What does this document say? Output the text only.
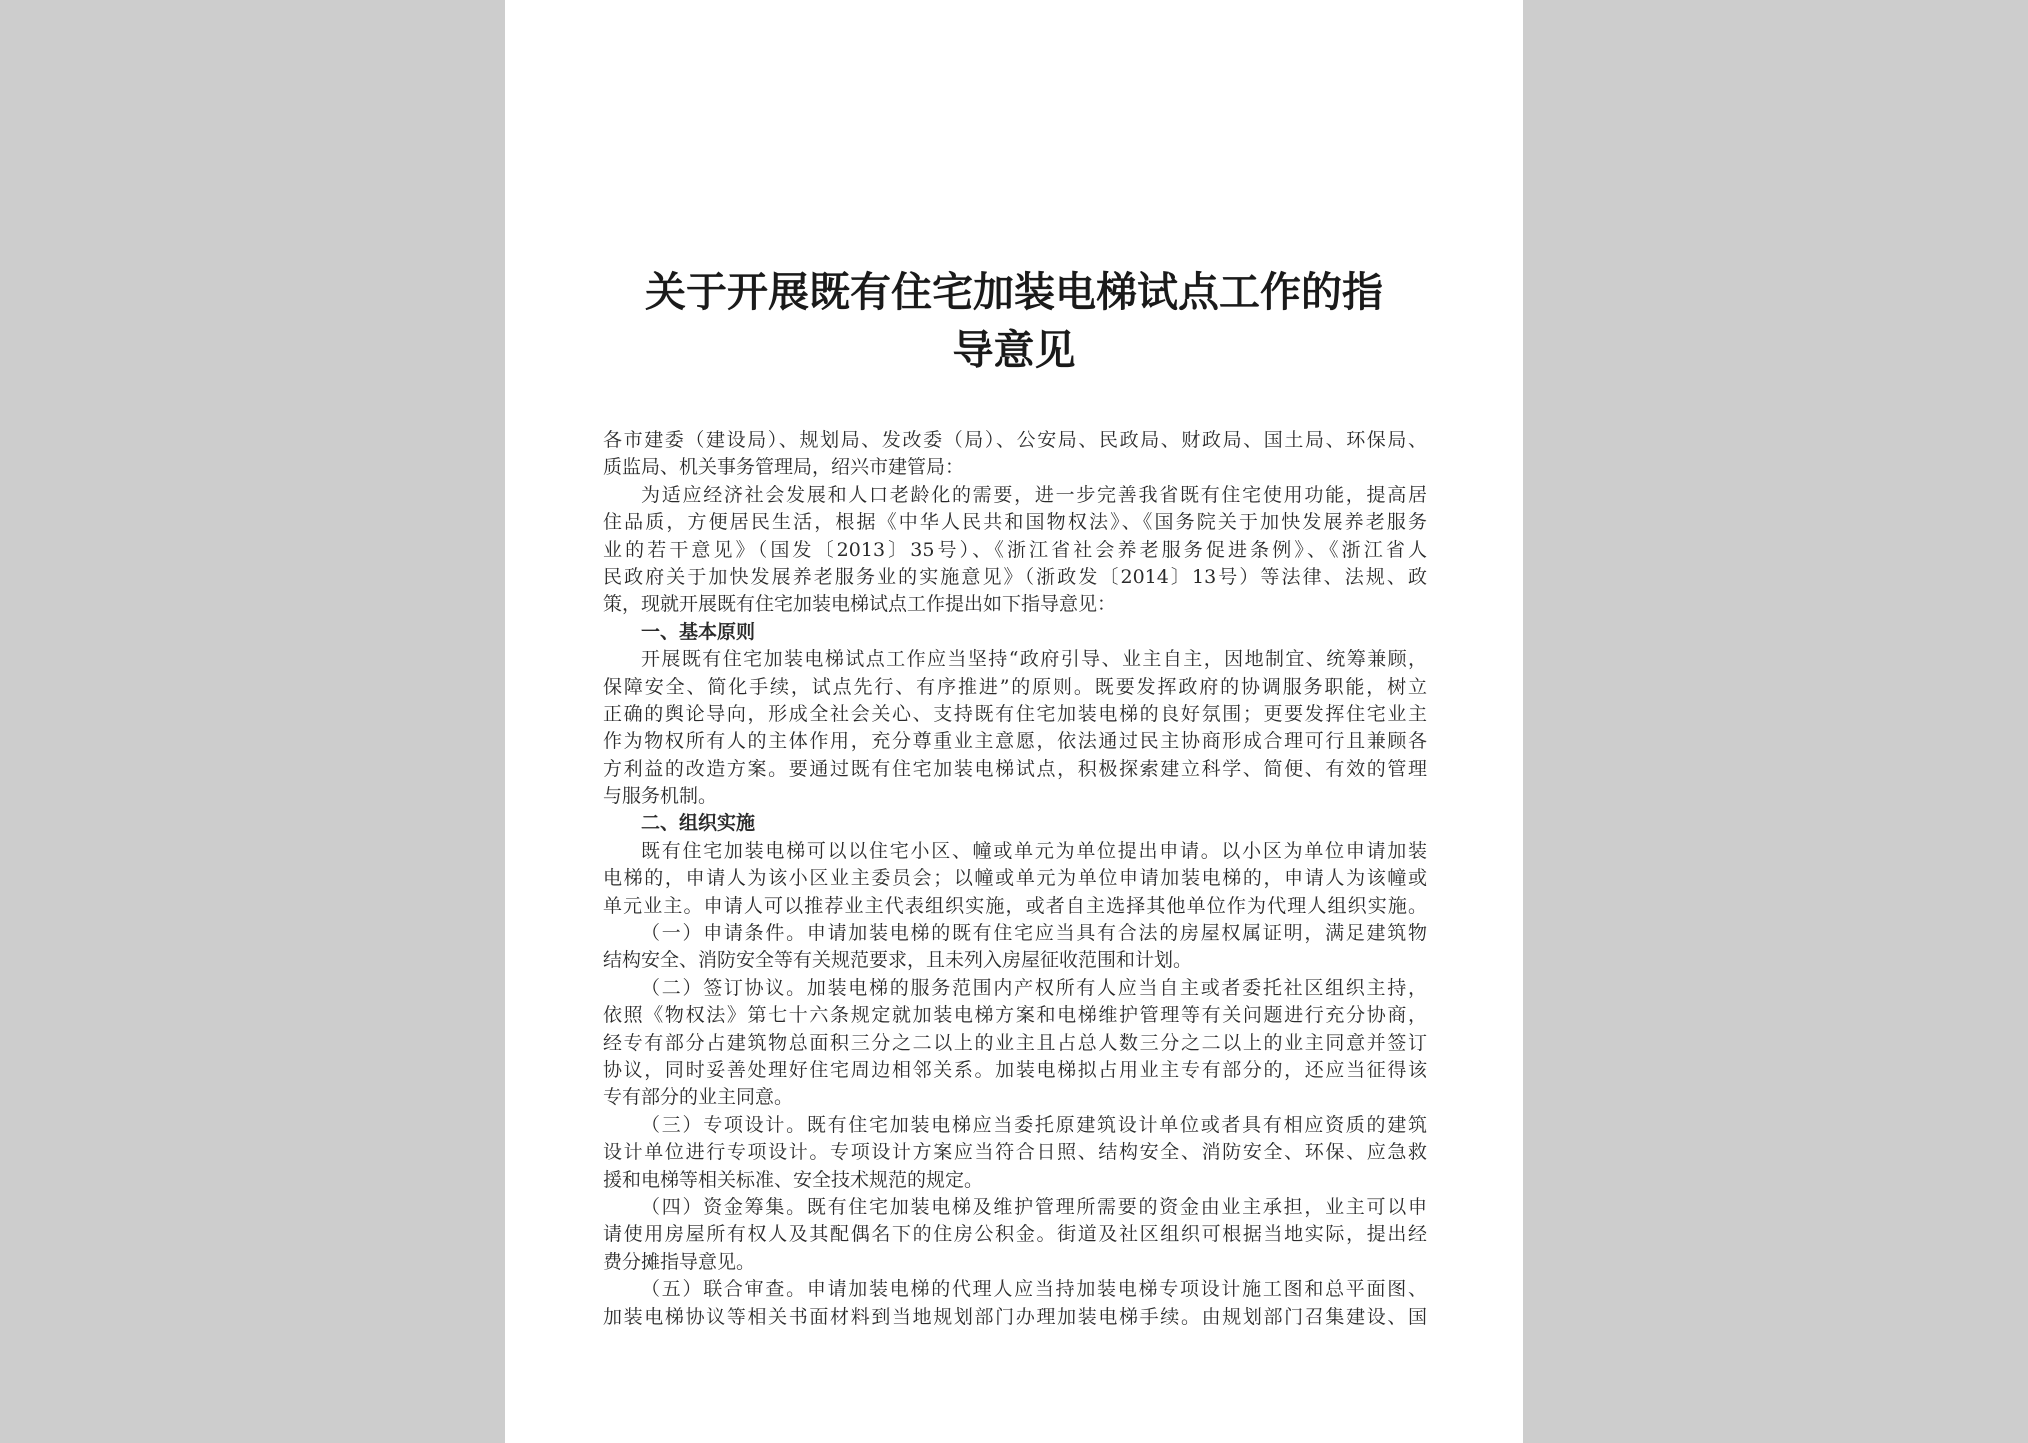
关于开展既有住宅加装电梯试点工作的指
导意见
各市建委（建设局）、规划局、发改委（局）、公安局、民政局、财政局、国土局、环保局、
质监局、机关事务管理局，绍兴市建管局：
为适应经济社会发展和人口老龄化的需要，进一步完善我省既有住宅使用功能，提高居
住品质，方便居民生活，根据《中华人民共和国物权法》、《国务院关于加快发展养老服务
业的若干意见》（国发〔2013〕35号）、《浙江省社会养老服务促进条例》、《浙江省人
民政府关于加快发展养老服务业的实施意见》（浙政发〔2014〕13号）等法律、法规、政
策，现就开展既有住宅加装电梯试点工作提出如下指导意见：
一、基本原则
开展既有住宅加装电梯试点工作应当坚持“政府引导、业主自主，因地制宜、统筹兼顾，
保障安全、简化手续，试点先行、有序推进”的原则。既要发挥政府的协调服务职能，树立
正确的舆论导向，形成全社会关心、支持既有住宅加装电梯的良好氛围；更要发挥住宅业主
作为物权所有人的主体作用，充分尊重业主意愿，依法通过民主协商形成合理可行且兼顾各
方利益的改造方案。要通过既有住宅加装电梯试点，积极探索建立科学、简便、有效的管理
与服务机制。
二、组织实施
既有住宅加装电梯可以以住宅小区、幢或单元为单位提出申请。以小区为单位申请加装
电梯的，申请人为该小区业主委员会；以幢或单元为单位申请加装电梯的，申请人为该幢或
单元业主。申请人可以推荐业主代表组织实施，或者自主选择其他单位作为代理人组织实施。
（一）申请条件。申请加装电梯的既有住宅应当具有合法的房屋权属证明，满足建筑物
结构安全、消防安全等有关规范要求，且未列入房屋征收范围和计划。
（二）签订协议。加装电梯的服务范围内产权所有人应当自主或者委托社区组织主持，
依照《物权法》第七十六条规定就加装电梯方案和电梯维护管理等有关问题进行充分协商，
经专有部分占建筑物总面积三分之二以上的业主且占总人数三分之二以上的业主同意并签订
协议，同时妥善处理好住宅周边相邻关系。加装电梯拟占用业主专有部分的，还应当征得该
专有部分的业主同意。
（三）专项设计。既有住宅加装电梯应当委托原建筑设计单位或者具有相应资质的建筑
设计单位进行专项设计。专项设计方案应当符合日照、结构安全、消防安全、环保、应急救
援和电梯等相关标准、安全技术规范的规定。
（四）资金筹集。既有住宅加装电梯及维护管理所需要的资金由业主承担，业主可以申
请使用房屋所有权人及其配偶名下的住房公积金。街道及社区组织可根据当地实际，提出经
费分摊指导意见。
（五）联合审查。申请加装电梯的代理人应当持加装电梯专项设计施工图和总平面图、
加装电梯协议等相关书面材料到当地规划部门办理加装电梯手续。由规划部门召集建设、国
